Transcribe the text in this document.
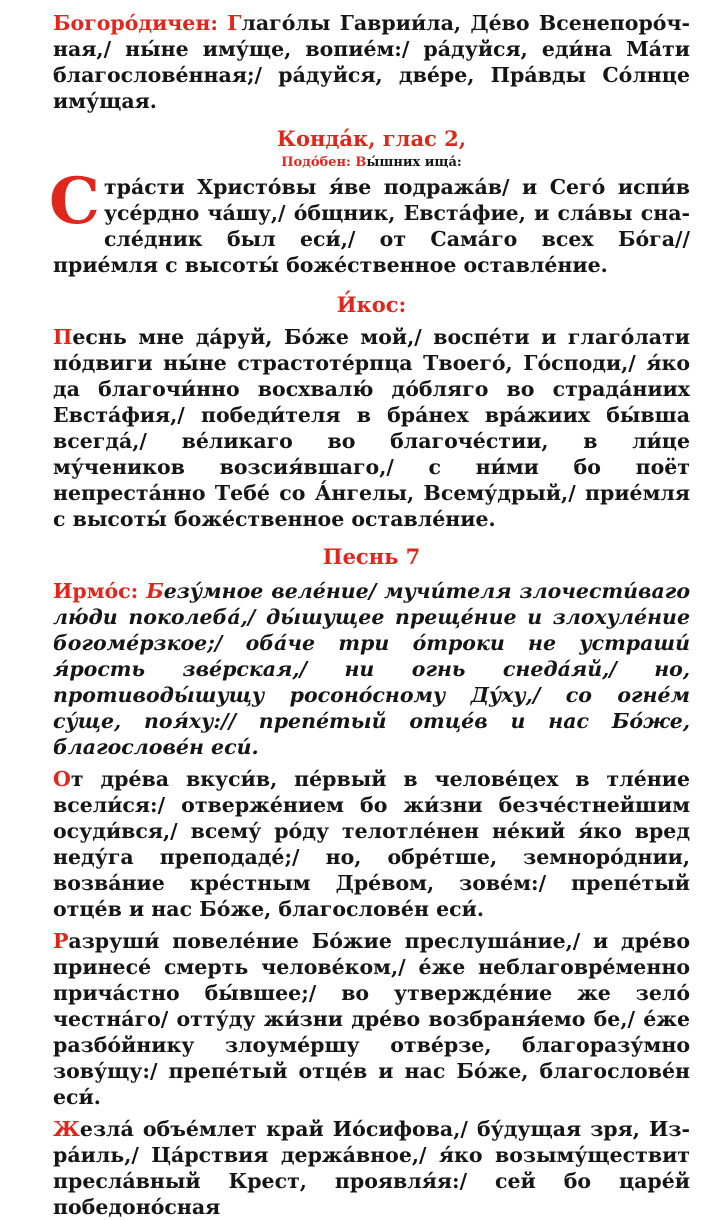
Богоро́дичен: Глаго́лы Гаврии́ла, Де́во Всенепоро́чная,/ ны́не иму́ще, вопие́м:/ ра́дуйся, еди́на Ма́ти благослове́нная;/ ра́дуйся, две́ре, Пра́вды Со́лнце иму́щая.

Конда́к, глас 2,
Подо́бен: Вы́шних ища́:

Стра́сти Христо́вы я́ве подража́в/ и Сего́ испи́в усе́рдно ча́шу,/ о́бщник, Евста́фие, и сла́вы снасле́дник был еси́,/ от Сама́го всех Бо́га// прие́мля с высоты́ боже́ственное оставле́ние.

И́кос:

Песнь мне да́руй, Бо́же мой,/ воспе́ти и глаго́лати по́двиги ны́не страстоте́рпца Твоего́, Го́споди,/ я́ко да благочи́нно восхвалю́ до́бляго во страда́ниих Евста́фия,/ победи́теля в бра́нех вра́жиих бы́вша всегда́,/ ве́ликаго во благоче́стии, в ли́це му́чеников возсия́вшаго,/ с ни́ми бо поёт непреста́нно Тебе́ со А́нгелы, Всему́дрый,/ прие́мля с высоты́ боже́ственное оставле́ние.

Песнь 7

Ирмо́с: Безу́мное веле́ние/ мучи́теля злочести́ваго лю́ди поколеба́,/ ды́шущее преще́ние и злохуле́ние богоме́рзкое;/ оба́че три о́троки не устраши́ я́рость зве́рская,/ ни огнь снеда́яй,/ но, противоды́шущу росоно́сному Ду́ху,/ со огне́м су́ще, поя́ху:// препе́тый отце́в и нас Бо́же, благослове́н еси́.

От дре́ва вкуси́в, пе́рвый в челове́цех в тле́ние всели́ся:/ отверже́нием бо жи́зни безче́стнейшим осуди́вся,/ всему́ ро́ду телотле́нен не́кий я́ко вред неду́га преподаде́;/ но, обре́тше, земноро́днии, возва́ние кре́стным Дре́вом, зове́м:/ препе́тый отце́в и нас Бо́же, благослове́н еси́.

Разруши́ повеле́ние Бо́жие преслуша́ние,/ и дре́во принесе́ смерть челове́ком,/ е́же неблаговре́менно прича́стно бы́вшее;/ во утвержде́ние же зело́ честна́го/ отту́ду жи́зни дре́во возбраня́емо бе,/ е́же разбо́йнику злоуме́ршу отве́рзе, благоразу́мно зову́щу:/ препе́тый отце́в и нас Бо́же, благослове́н еси́.

Жезла́ объе́млет край Ио́сифова,/ бу́дущая зря, Изра́иль,/ Ца́рствия держа́вное,/ я́ко возыму́ществит пресла́вный Крест, проявля́я:/ сей бо царе́й победоно́сная
